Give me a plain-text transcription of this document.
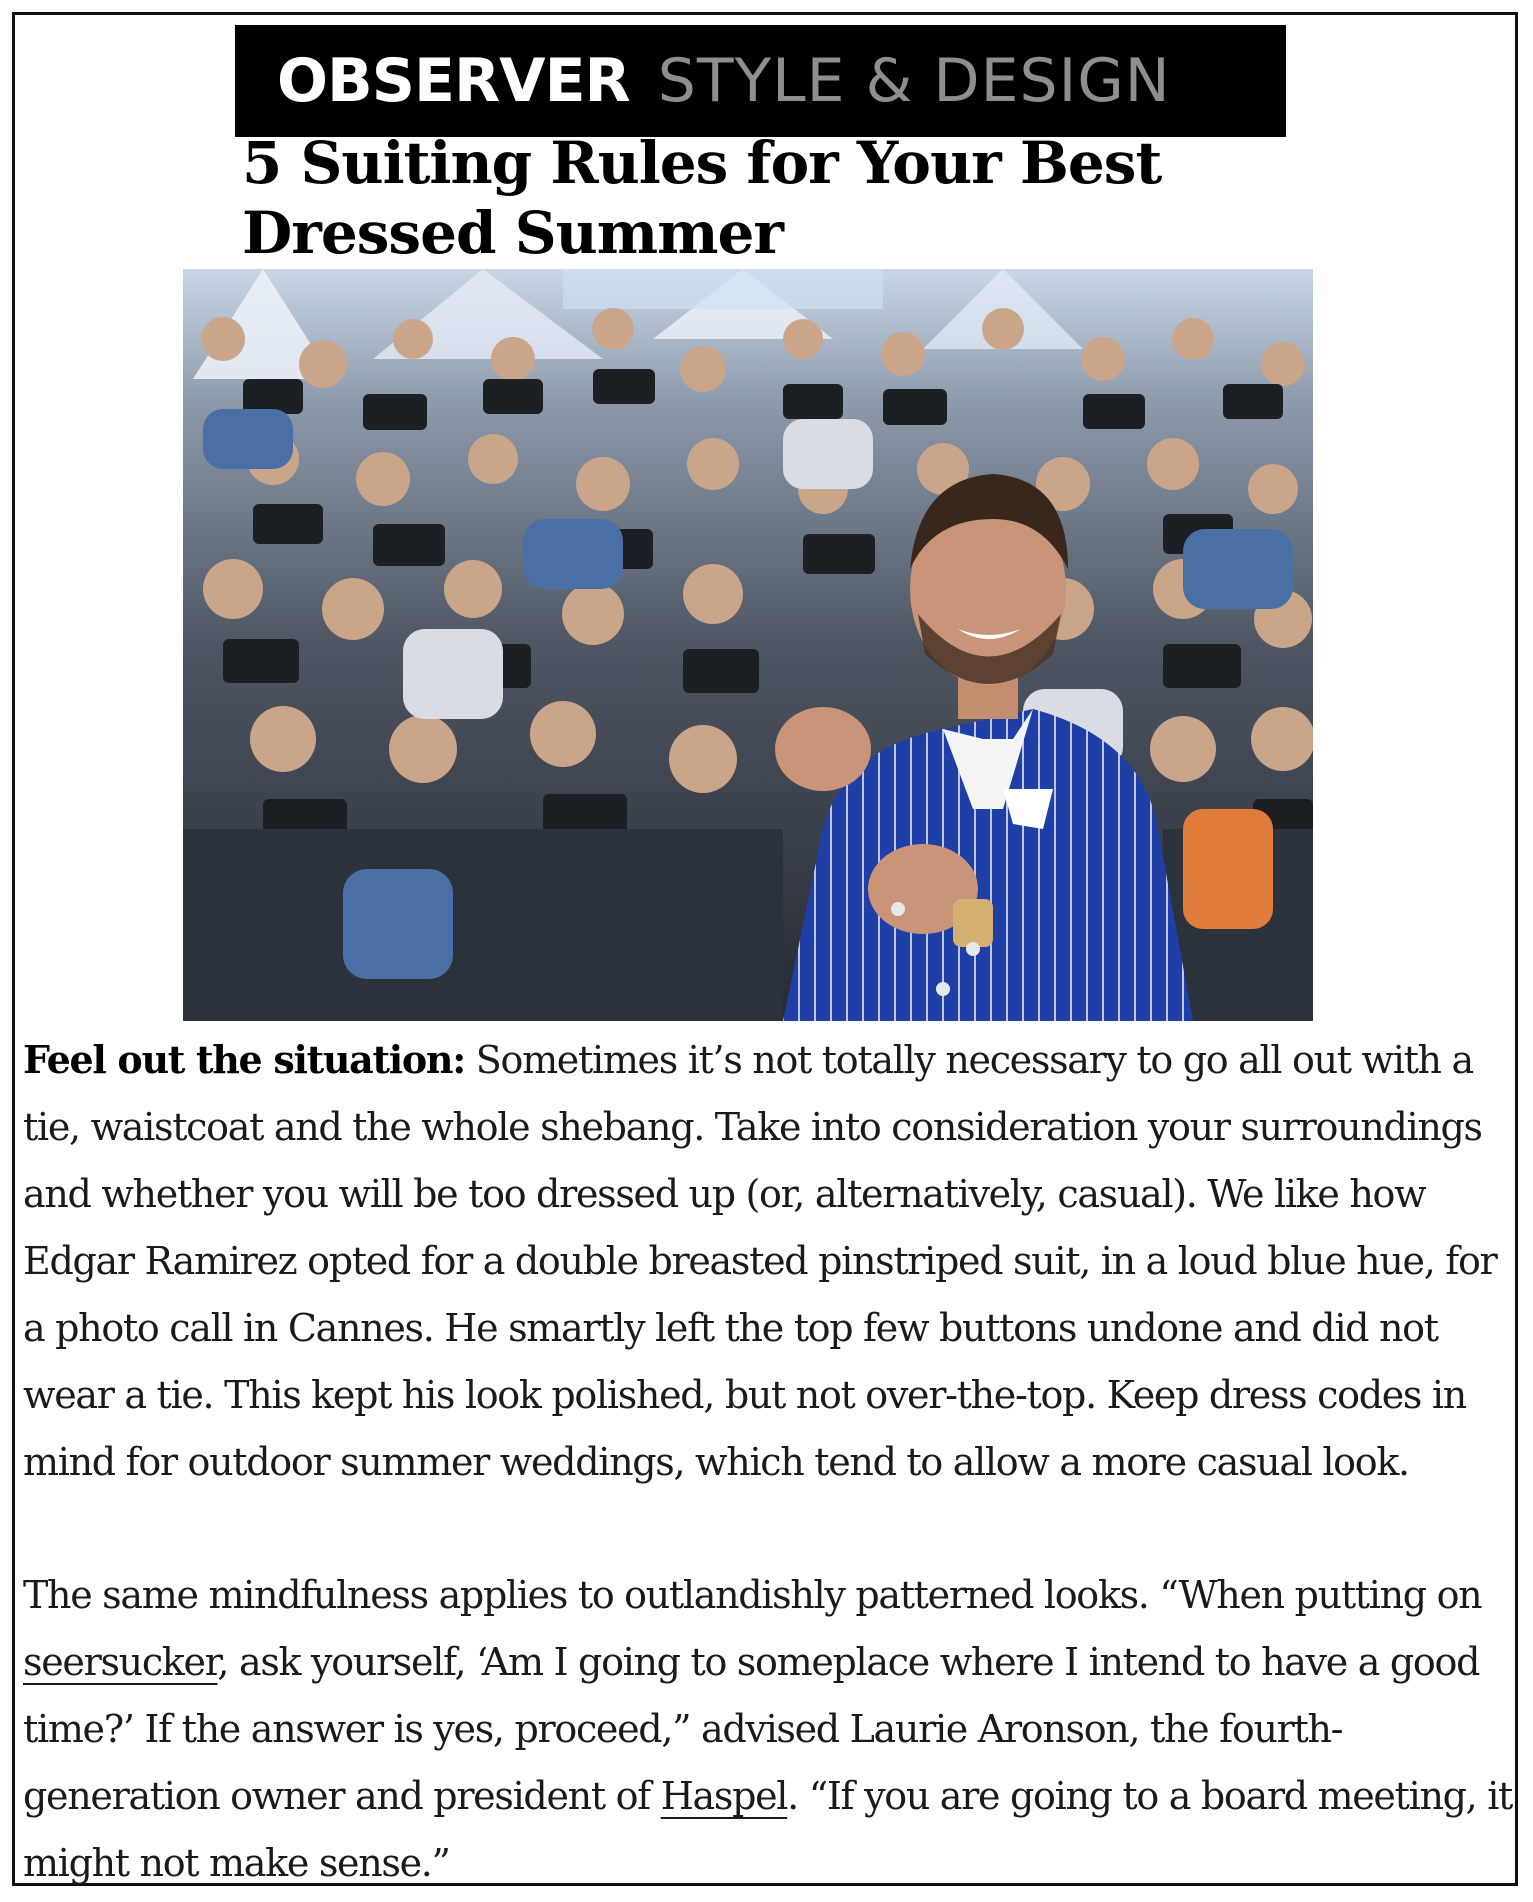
OBSERVER STYLE & DESIGN
5 Suiting Rules for Your Best Dressed Summer

Feel out the situation: Sometimes it’s not totally necessary to go all out with a tie, waistcoat and the whole shebang. Take into consideration your surroundings and whether you will be too dressed up (or, alternatively, casual). We like how Edgar Ramirez opted for a double breasted pinstriped suit, in a loud blue hue, for a photo call in Cannes. He smartly left the top few buttons undone and did not wear a tie. This kept his look polished, but not over-the-top. Keep dress codes in mind for outdoor summer weddings, which tend to allow a more casual look.

The same mindfulness applies to outlandishly patterned looks. “When putting on seersucker, ask yourself, ‘Am I going to someplace where I intend to have a good time?’ If the answer is yes, proceed,” advised Laurie Aronson, the fourth-generation owner and president of Haspel. “If you are going to a board meeting, it might not make sense.”
